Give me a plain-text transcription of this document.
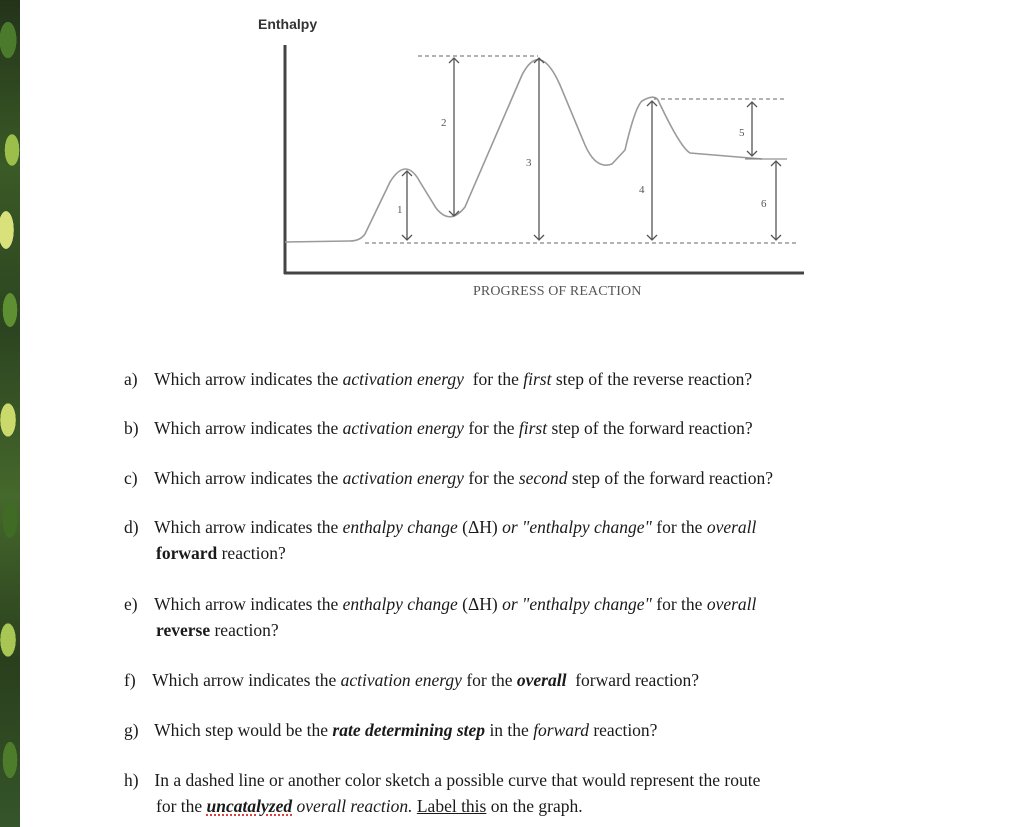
Enthalpy
PROGRESS OF REACTION
1
2
3
4
5
6
a) Which arrow indicates the activation energy  for the first step of the reverse reaction?
b) Which arrow indicates the activation energy for the first step of the forward reaction?
c) Which arrow indicates the activation energy for the second step of the forward reaction?
d) Which arrow indicates the enthalpy change (ΔH) or "enthalpy change" for the overall
forward reaction?
e) Which arrow indicates the enthalpy change (ΔH) or "enthalpy change" for the overall
reverse reaction?
f) Which arrow indicates the activation energy for the overall  forward reaction?
g) Which step would be the rate determining step in the forward reaction?
h) In a dashed line or another color sketch a possible curve that would represent the route
for the uncatalyzed overall reaction. Label this on the graph.
